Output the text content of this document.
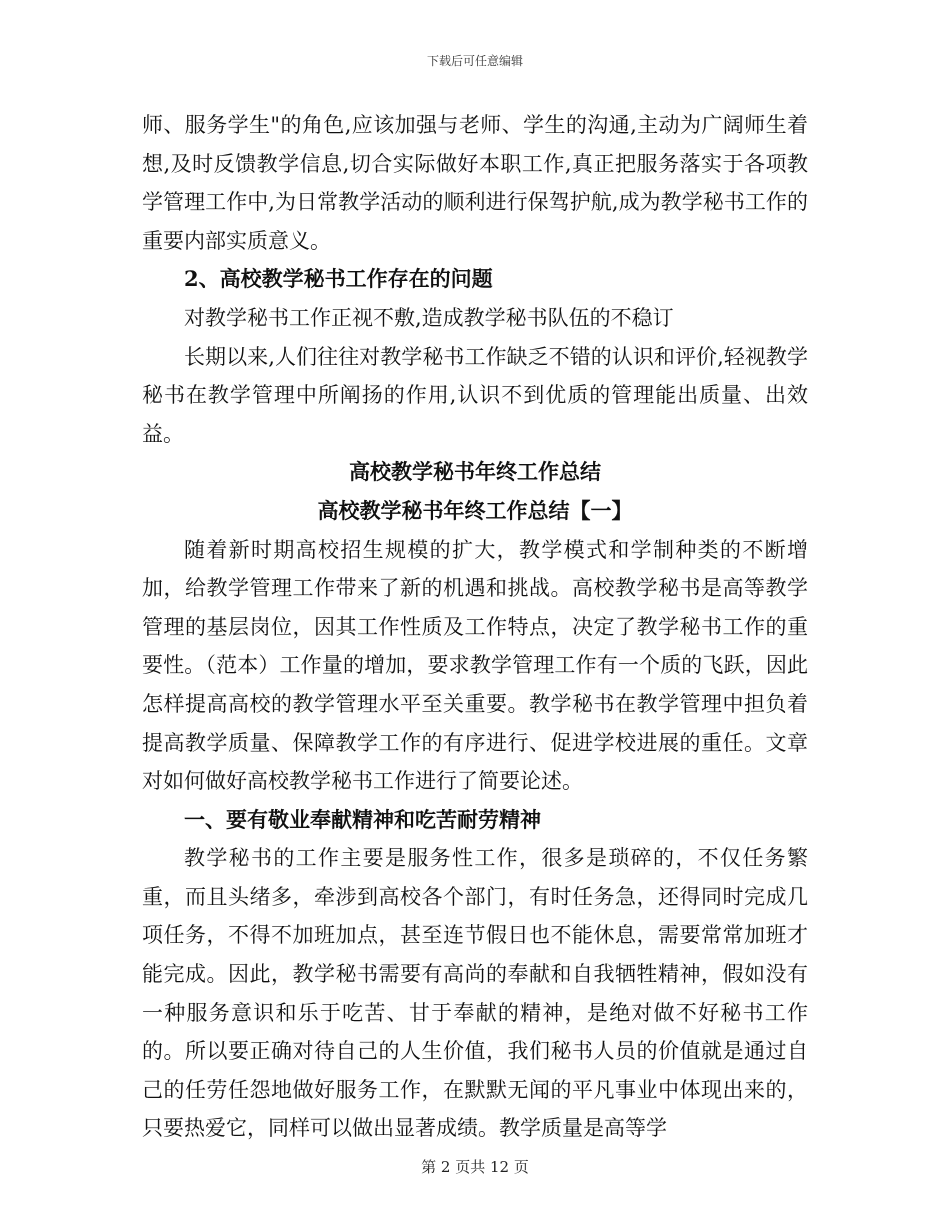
下载后可任意编辑

师、服务学生"的角色,应该加强与老师、学生的沟通,主动为广阔师生着想,及时反馈教学信息,切合实际做好本职工作,真正把服务落实于各项教学管理工作中,为日常教学活动的顺利进行保驾护航,成为教学秘书工作的重要内部实质意义。

2、高校教学秘书工作存在的问题

对教学秘书工作正视不敷,造成教学秘书队伍的不稳订

长期以来,人们往往对教学秘书工作缺乏不错的认识和评价,轻视教学秘书在教学管理中所阐扬的作用,认识不到优质的管理能出质量、出效益。

高校教学秘书年终工作总结

高校教学秘书年终工作总结【一】

随着新时期高校招生规模的扩大，教学模式和学制种类的不断增加，给教学管理工作带来了新的机遇和挑战。高校教学秘书是高等教学管理的基层岗位，因其工作性质及工作特点，决定了教学秘书工作的重要性。（范本）工作量的增加，要求教学管理工作有一个质的飞跃，因此怎样提高高校的教学管理水平至关重要。教学秘书在教学管理中担负着提高教学质量、保障教学工作的有序进行、促进学校进展的重任。文章对如何做好高校教学秘书工作进行了简要论述。

一、要有敬业奉献精神和吃苦耐劳精神

教学秘书的工作主要是服务性工作，很多是琐碎的，不仅任务繁重，而且头绪多，牵涉到高校各个部门，有时任务急，还得同时完成几项任务，不得不加班加点，甚至连节假日也不能休息，需要常常加班才能完成。因此，教学秘书需要有高尚的奉献和自我牺牲精神，假如没有一种服务意识和乐于吃苦、甘于奉献的精神，是绝对做不好秘书工作的。所以要正确对待自己的人生价值，我们秘书人员的价值就是通过自己的任劳任怨地做好服务工作，在默默无闻的平凡事业中体现出来的，只要热爱它，同样可以做出显著成绩。教学质量是高等学

第 2 页共 12 页
